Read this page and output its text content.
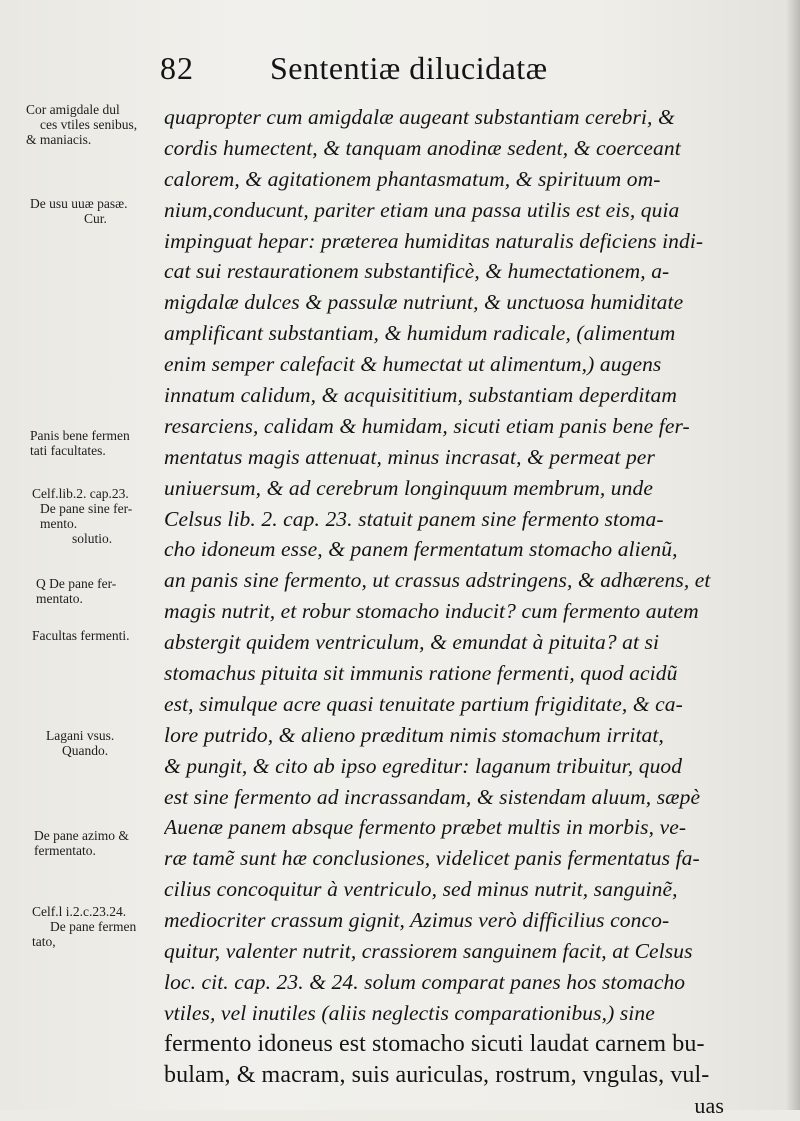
82 Sententiæ dilucidatæ
Cor amigdale dul
ces vtiles senibus,
& maniacis.
De usu uuæ pasæ.
Cur.
Panis bene fermen
tati facultates.
Celf.lib.2. cap.23.
De pane sine fer-
mento.
solutio.
Q De pane fer-
mentato.
Facultas fermenti.
Lagani vsus.
Quando.
De pane azimo &
fermentato.
Celf.l i.2.c.23.24.
De pane fermen
tato,
quapropter cum amigdalæ augeant substantiam cerebri, &
cordis humectent, & tanquam anodinæ sedent, & coerceant
calorem, & agitationem phantasmatum, & spirituum om-
nium,conducunt, pariter etiam una passa utilis est eis, quia
impinguat hepar: præterea humiditas naturalis deficiens indi-
cat sui restaurationem substantificè, & humectationem, a-
migdalæ dulces & passulæ nutriunt, & unctuosa humiditate
amplificant substantiam, & humidum radicale, (alimentum
enim semper calefacit & humectat ut alimentum,) augens
innatum calidum, & acquisititium, substantiam deperditam
resarciens, calidam & humidam, sicuti etiam panis bene fer-
mentatus magis attenuat, minus incrasat, & permeat per
uniuersum, & ad cerebrum longinquum membrum, unde
Celsus lib. 2. cap. 23. statuit panem sine fermento stoma-
cho idoneum esse, & panem fermentatum stomacho alienũ,
an panis sine fermento, ut crassus adstringens, & adhærens, et
magis nutrit, et robur stomacho inducit? cum fermento autem
abstergit quidem ventriculum, & emundat à pituita? at si
stomachus pituita sit immunis ratione fermenti, quod acidũ
est, simulque acre quasi tenuitate partium frigiditate, & ca-
lore putrido, & alieno præditum nimis stomachum irritat,
& pungit, & cito ab ipso egreditur: laganum tribuitur, quod
est sine fermento ad incrassandam, & sistendam aluum, sæpè
Auenæ panem absque fermento præbet multis in morbis, ve-
ræ tamẽ sunt hæ conclusiones, videlicet panis fermentatus fa-
cilius concoquitur à ventriculo, sed minus nutrit, sanguinẽ,
mediocriter crassum gignit, Azimus verò difficilius conco-
quitur, valenter nutrit, crassiorem sanguinem facit, at Celsus
loc. cit. cap. 23. & 24. solum comparat panes hos stomacho
vtiles, vel inutiles (aliis neglectis comparationibus,) sine
fermento idoneus est stomacho sicuti laudat carnem bu-
bulam, & macram, suis auriculas, rostrum, vngulas, vul-
uas
